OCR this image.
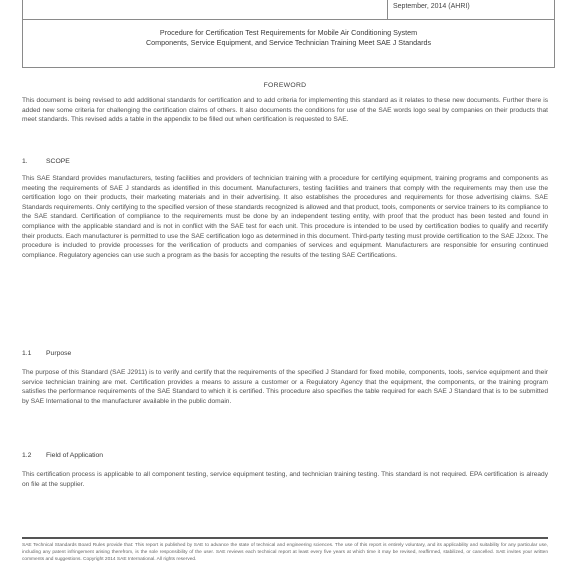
September, 2014 (AHRI)
Procedure for Certification Test Requirements for Mobile Air Conditioning System
Components, Service Equipment, and Service Technician Training Meet SAE J Standards
FOREWORD

This document is being revised to add additional standards for certification and to add criteria for implementing this standard as it relates to these new documents. Further there is added new some criteria for challenging the certification claims of others. It also documents the conditions for use of the SAE words logo seal by companies on their products that meet standards. This revised adds a table in the appendix to be filled out when certification is requested to SAE.

1.	SCOPE

This SAE Standard provides manufacturers, testing facilities and providers of technician training with a procedure for certifying equipment, training programs and components as meeting the requirements of SAE J standards as identified in this document. Manufacturers, testing facilities and trainers that comply with the requirements may then use the certification logo on their products, their marketing materials and in their advertising. It also establishes the procedures and requirements for those advertising claims. SAE Standards requirements. Only certifying to the specified version of these standards recognized is allowed and that product, tools, components or service trainers to its compliance to the SAE standard. Certification of compliance to the requirements must be done by an independent testing entity, with proof that the product has been tested and found in compliance with the applicable standard and is not in conflict with the SAE test for each unit. This procedure is intended to be used by certification bodies to qualify and recertify their products. Each manufacturer is permitted to use the SAE certification logo as determined in this document. Third-party testing must provide certification to the SAE J2xxx. The procedure is included to provide processes for the verification of products and companies of services and equipment. Manufacturers are responsible for ensuring continued compliance. Regulatory agencies can use such a program as the basis for accepting the results of the testing SAE Certifications.

1.1 Purpose

The purpose of this Standard (SAE J2911) is to verify and certify that the requirements of the specified J Standard for fixed mobile, components, tools, service equipment and their service technician training are met. Certification provides a means to assure a customer or a Regulatory Agency that the equipment, the components, or the training program satisfies the performance requirements of the SAE Standard to which it is certified. This procedure also specifies the table required for each SAE J Standard that is to be submitted by SAE International to the manufacturer available in the public domain.

1.2 Field of Application

This certification process is applicable to all component testing, service equipment testing, and technician training testing. This standard is not required. EPA certification is already on file at the supplier.

SAE Technical Standards Board Rules provide that: This report is published by SAE to advance the state of technical and engineering sciences. The use of this report is entirely voluntary, and its applicability and suitability for any particular use, including any patent infringement arising therefrom, is the sole responsibility of the user. SAE reviews each technical report at least every five years at which time it may be revised, reaffirmed, stabilized, or cancelled. SAE invites your written comments and suggestions. Copyright 2014 SAE International. All rights reserved.
